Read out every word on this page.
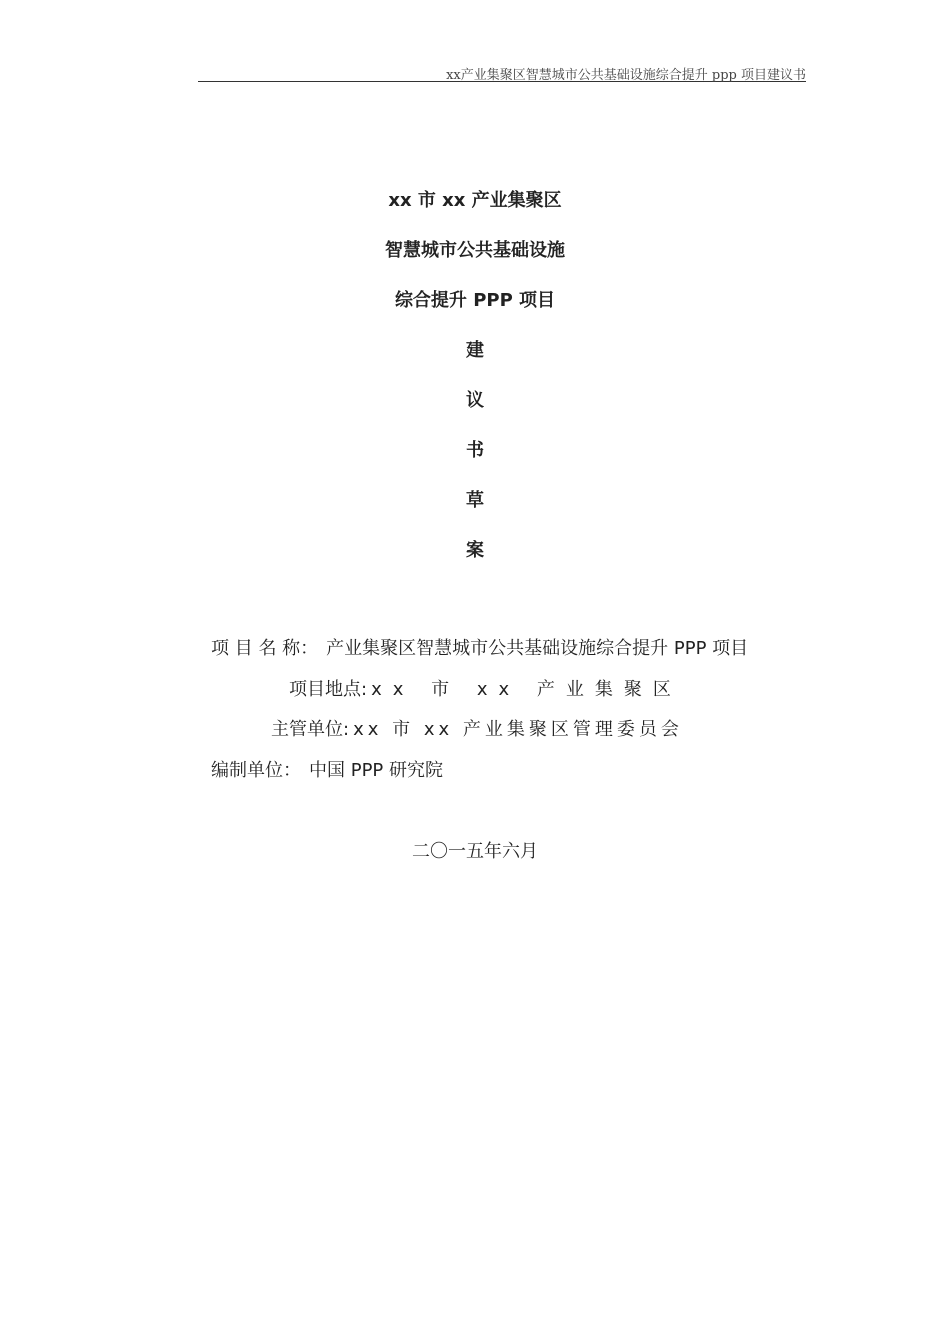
xx产业集聚区智慧城市公共基础设施综合提升 ppp 项目建议书
xx 市 xx 产业集聚区
智慧城市公共基础设施
综合提升 PPP 项目
建
议
书
草
案
项 目 名 称： 产业集聚区智慧城市公共基础设施综合提升 PPP 项目
项目地点: xx 市 xx 产业集聚区
主管单位: xx 市 xx 产业集聚区管理委员会
编制单位： 中国 PPP 研究院
二〇一五年六月
